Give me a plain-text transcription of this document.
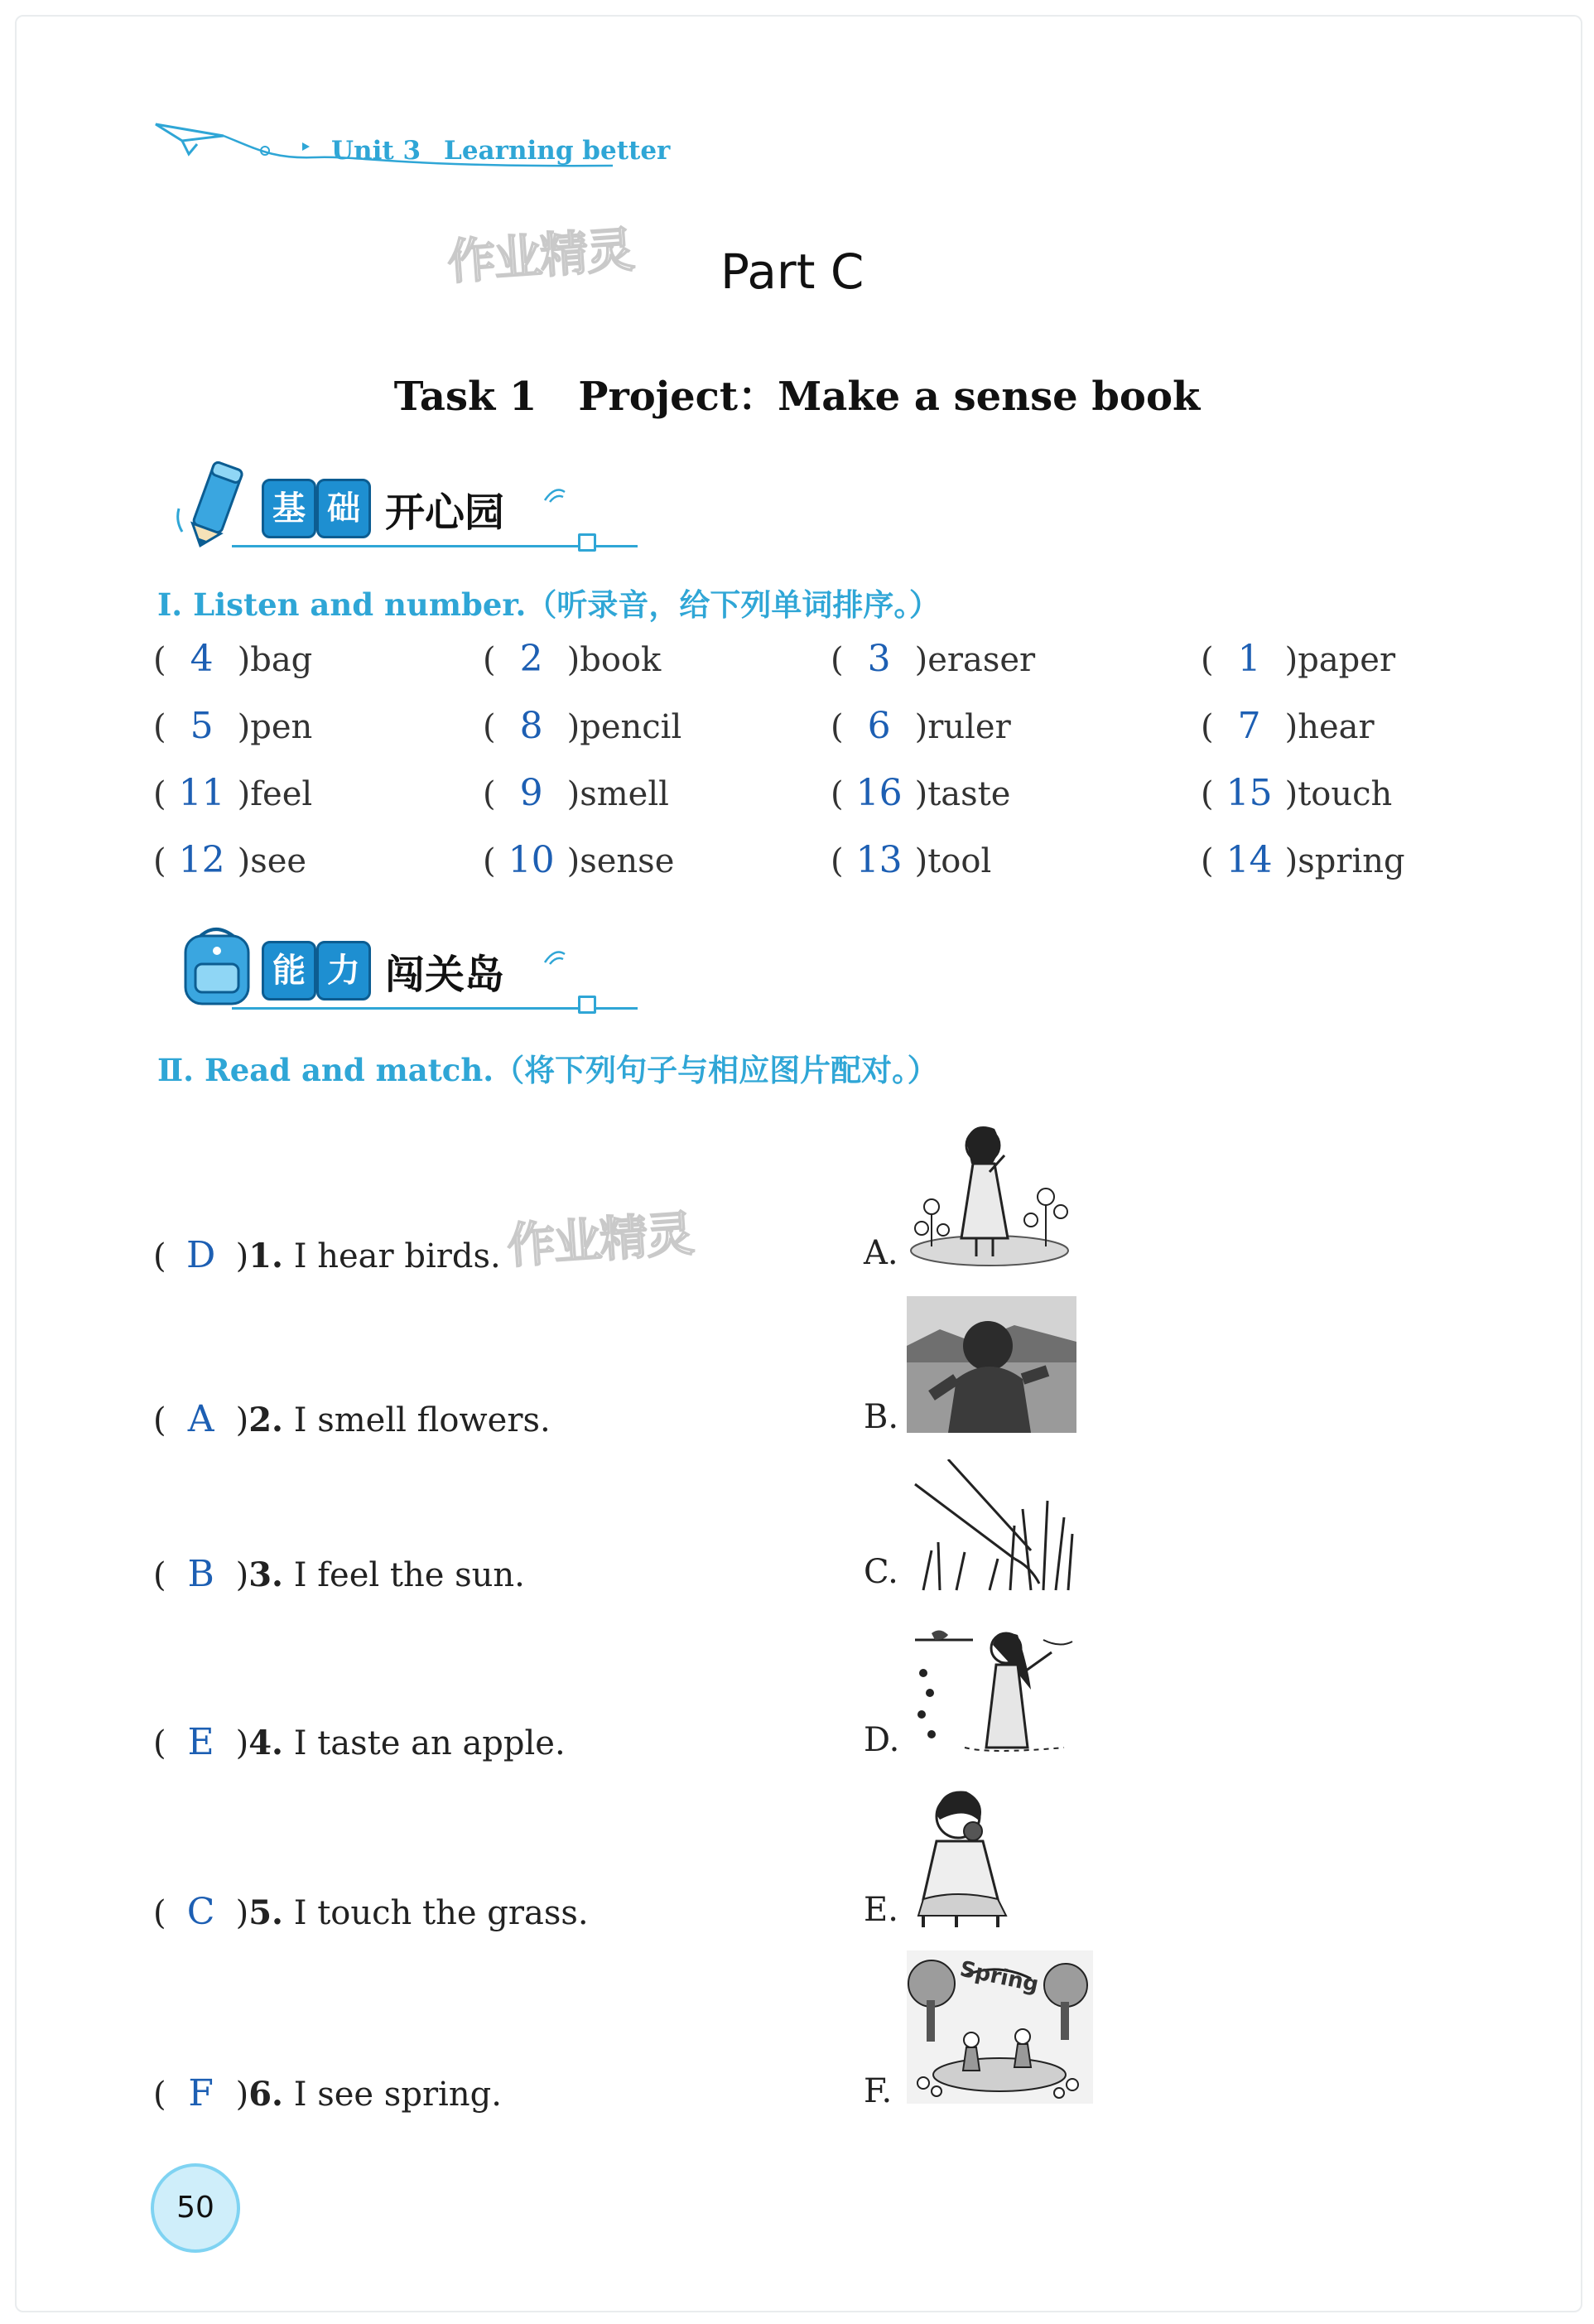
Unit 3 Learning better
作业精灵 Part C
Task 1 Project：Make a sense book
基 础 开心园
Ⅰ. Listen and number.（听录音，给下列单词排序。）
( 4 )bag	( 2 )book	( 3 )eraser	( 1 )paper
( 5 )pen	( 8 )pencil	( 6 )ruler	( 7 )hear
( 11 )feel	( 9 )smell	( 16 )taste	( 15 )touch
( 12 )see	( 10 )sense	( 13 )tool	( 14 )spring
能 力 闯关岛
Ⅱ. Read and match.（将下列句子与相应图片配对。）
作业精灵
( D )1. I hear birds.
( A )2. I smell flowers.
( B )3. I feel the sun.
( E )4. I taste an apple.
( C )5. I touch the grass.
( F )6. I see spring.
A.
B.
C.
D.
E.
F.
Spring
50
